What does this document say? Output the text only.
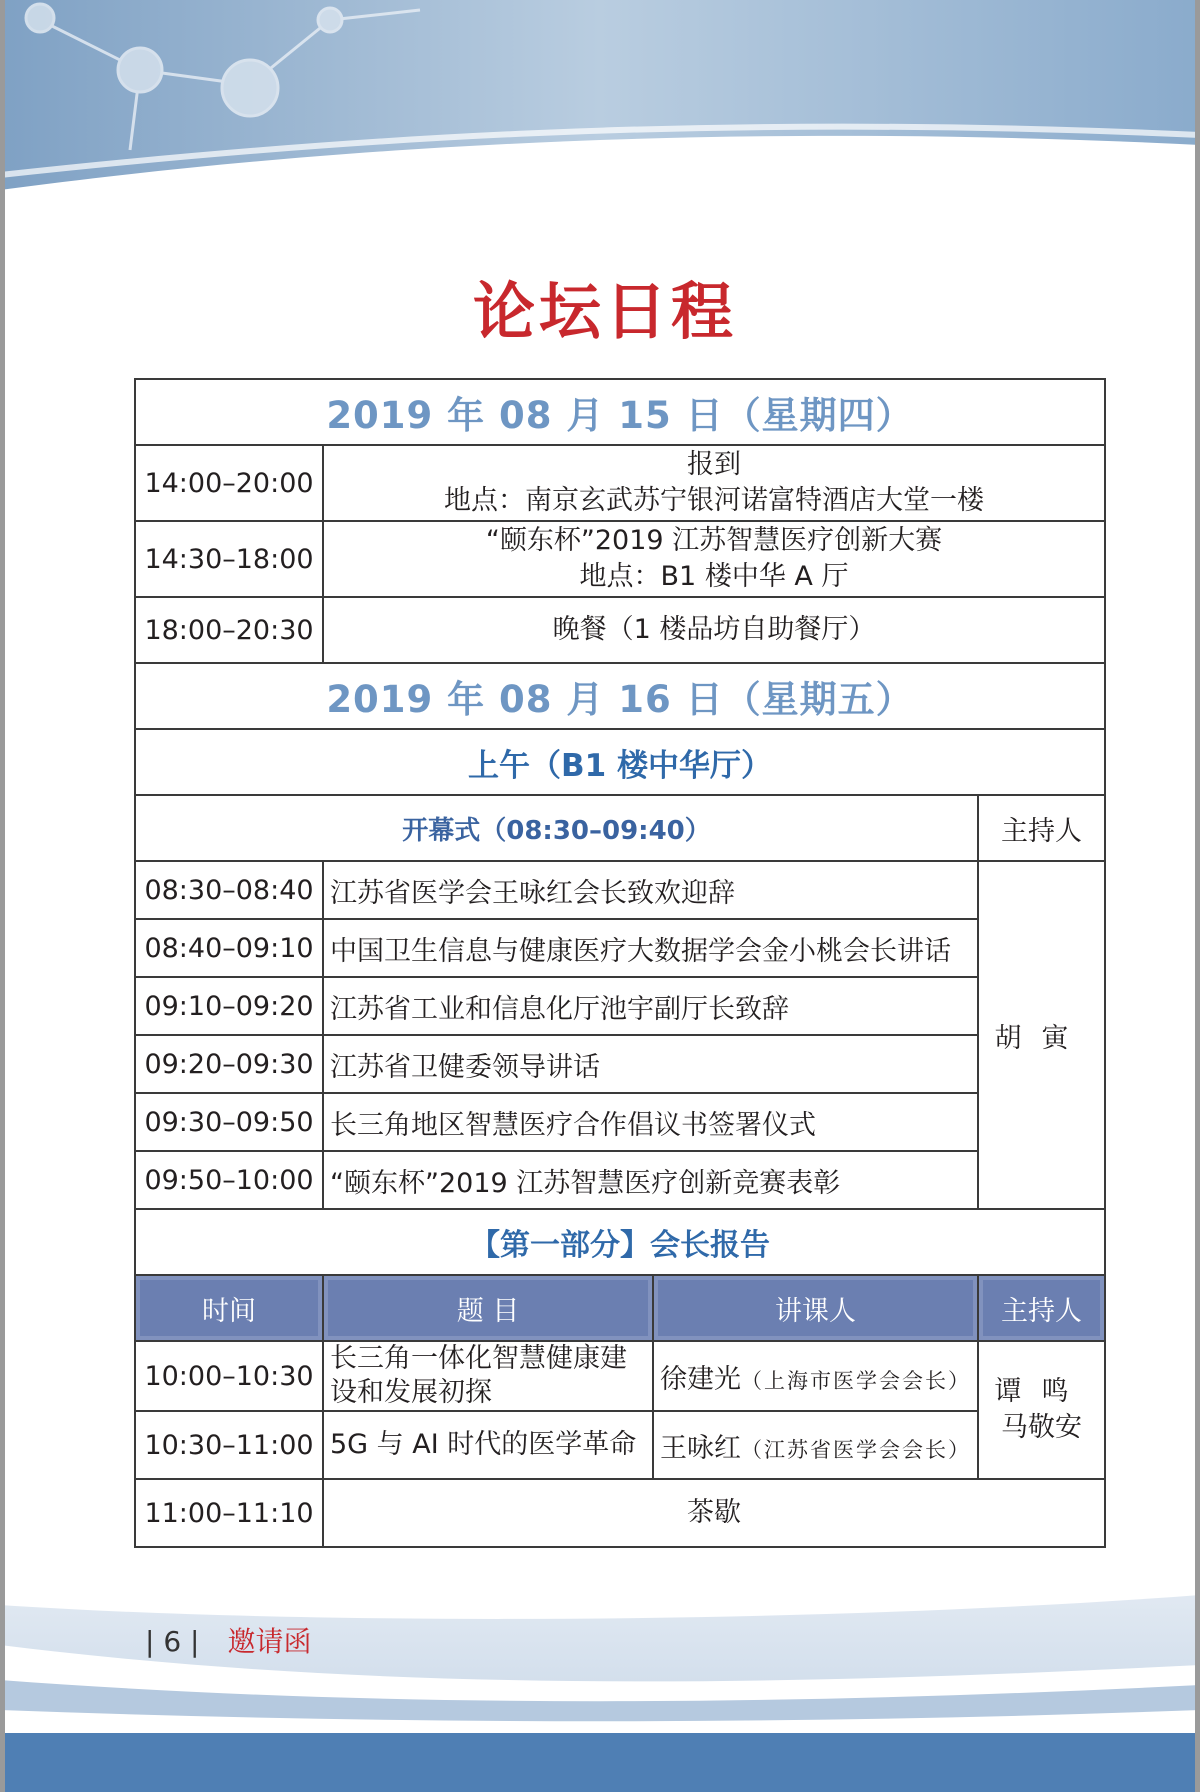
论坛日程
2019 年 08 月 15 日（星期四）			
14:00–20:00	报到
地点：南京玄武苏宁银河诺富特酒店大堂一楼		

14:30–18:00	“颐东杯”2019 江苏智慧医疗创新大赛
地点：B1 楼中华 A 厅		

18:00–20:30	晚餐（1 楼品坊自助餐厅）		
2019 年 08 月 16 日（星期五）			
上午（B1 楼中华厅）			
开幕式（08:30–09:40）			主持人
08:30–08:40	江苏省医学会王咏红会长致欢迎辞		胡寅
08:40–09:10	中国卫生信息与健康医疗大数据学会金小桃会长讲话		
09:10–09:20	江苏省工业和信息化厅池宇副厅长致辞		
09:20–09:30	江苏省卫健委领导讲话		
09:30–09:50	长三角地区智慧医疗合作倡议书签署仪式		
09:50–10:00	“颐东杯”2019 江苏智慧医疗创新竞赛表彰		
【第一部分】会长报告			
时间	题 目	讲课人	主持人
10:00–10:30	长三角一体化智慧健康建设和发展初探	徐建光（上海市医学会会长）	谭鸣
马敬安

10:30–11:00	5G 与 AI 时代的医学革命	王咏红（江苏省医学会会长）	
11:00–11:10	茶歇		
| 6 | 邀请函
